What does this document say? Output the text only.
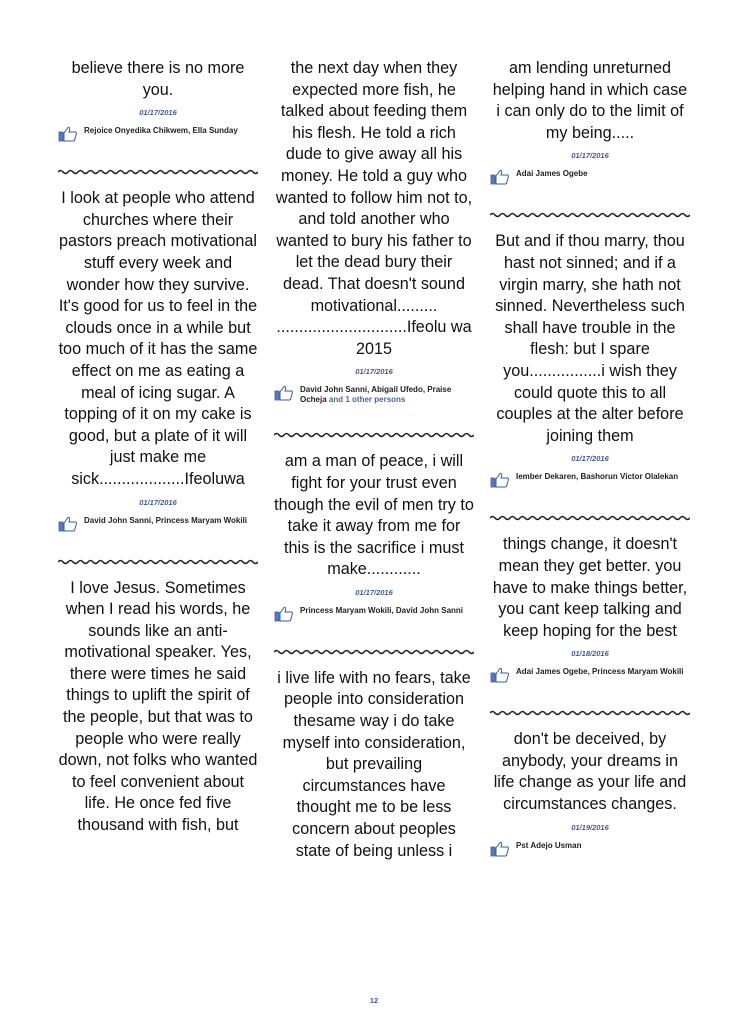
believe there is no more you.

01/17/2016
Rejoice Onyedika Chikwem, Ella Sunday

I look at people who attend churches where their pastors preach motivational stuff every week and wonder how they survive. It's good for us to feel in the clouds once in a while but too much of it has the same effect on me as eating a meal of icing sugar. A topping of it on my cake is good, but a plate of it will just make me sick...................Ifeoluwa

01/17/2016
David John Sanni, Princess Maryam Wokili

I love Jesus. Sometimes when I read his words, he sounds like an anti-motivational speaker. Yes, there were times he said things to uplift the spirit of the people, but that was to people who were really down, not folks who wanted to feel convenient about life. He once fed five thousand with fish, but

the next day when they expected more fish, he talked about feeding them his flesh. He told a rich dude to give away all his money. He told a guy who wanted to follow him not to, and told another who wanted to bury his father to let the dead bury their dead. That doesn't sound motivational......... .............................Ifeolu wa 2015

01/17/2016
David John Sanni, Abigail Ufedo, Praise Ocheja and 1 other persons

am a man of peace, i will fight for your trust even though the evil of men try to take it away from me for this is the sacrifice i must make............

01/17/2016
Princess Maryam Wokili, David John Sanni

i live life with no fears, take people into consideration thesame way i do take myself into consideration, but prevailing circumstances have thought me to be less concern about peoples state of being unless i

am lending unreturned helping hand in which case i can only do to the limit of my being.....

01/17/2016
Adai James Ogebe

But and if thou marry, thou hast not sinned; and if a virgin marry, she hath not sinned. Nevertheless such shall have trouble in the flesh: but I spare you................i wish they could quote this to all couples at the alter before joining them

01/17/2016
Iember Dekaren, Bashorun Victor Olalekan

things change, it doesn't mean they get better. you have to make things better, you cant keep talking and keep hoping for the best

01/18/2016
Adai James Ogebe, Princess Maryam Wokili

don't be deceived, by anybody, your dreams in life change as your life and circumstances changes.

01/19/2016
Pst Adejo Usman
12
